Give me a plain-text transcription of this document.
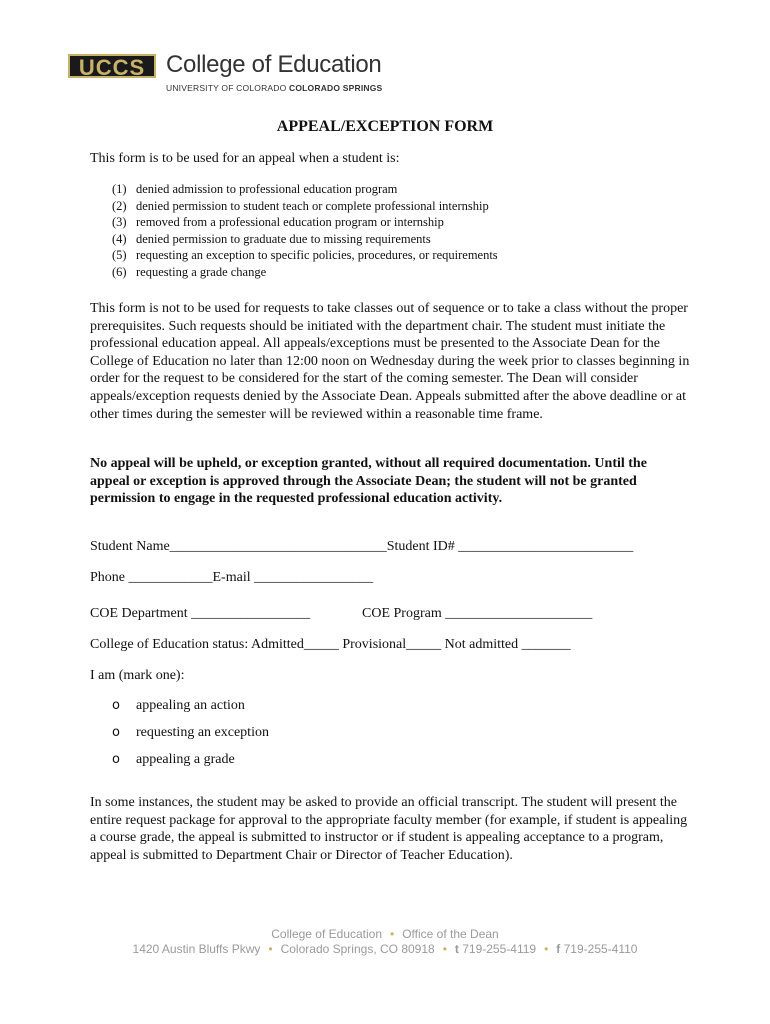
UCCS College of Education
UNIVERSITY OF COLORADO COLORADO SPRINGS
APPEAL/EXCEPTION FORM
This form is to be used for an appeal when a student is:
(1) denied admission to professional education program
(2) denied permission to student teach or complete professional internship
(3) removed from a professional education program or internship
(4) denied permission to graduate due to missing requirements
(5) requesting an exception to specific policies, procedures, or requirements
(6) requesting a grade change
This form is not to be used for requests to take classes out of sequence or to take a class without the proper prerequisites. Such requests should be initiated with the department chair. The student must initiate the professional education appeal. All appeals/exceptions must be presented to the Associate Dean for the College of Education no later than 12:00 noon on Wednesday during the week prior to classes beginning in order for the request to be considered for the start of the coming semester. The Dean will consider appeals/exception requests denied by the Associate Dean. Appeals submitted after the above deadline or at other times during the semester will be reviewed within a reasonable time frame.
No appeal will be upheld, or exception granted, without all required documentation. Until the appeal or exception is approved through the Associate Dean; the student will not be granted permission to engage in the requested professional education activity.
Student Name_______________________________Student ID# _________________________
Phone ____________E-mail _________________
COE Department _________________	COE Program _____________________
College of Education status: Admitted_____ Provisional_____ Not admitted _______
I am (mark one):
o	appealing an action
o	requesting an exception
o	appealing a grade
In some instances, the student may be asked to provide an official transcript. The student will present the entire request package for approval to the appropriate faculty member (for example, if student is appealing a course grade, the appeal is submitted to instructor or if student is appealing acceptance to a program, appeal is submitted to Department Chair or Director of Teacher Education).
College of Education • Office of the Dean
1420 Austin Bluffs Pkwy • Colorado Springs, CO 80918 • t 719-255-4119 • f 719-255-4110
